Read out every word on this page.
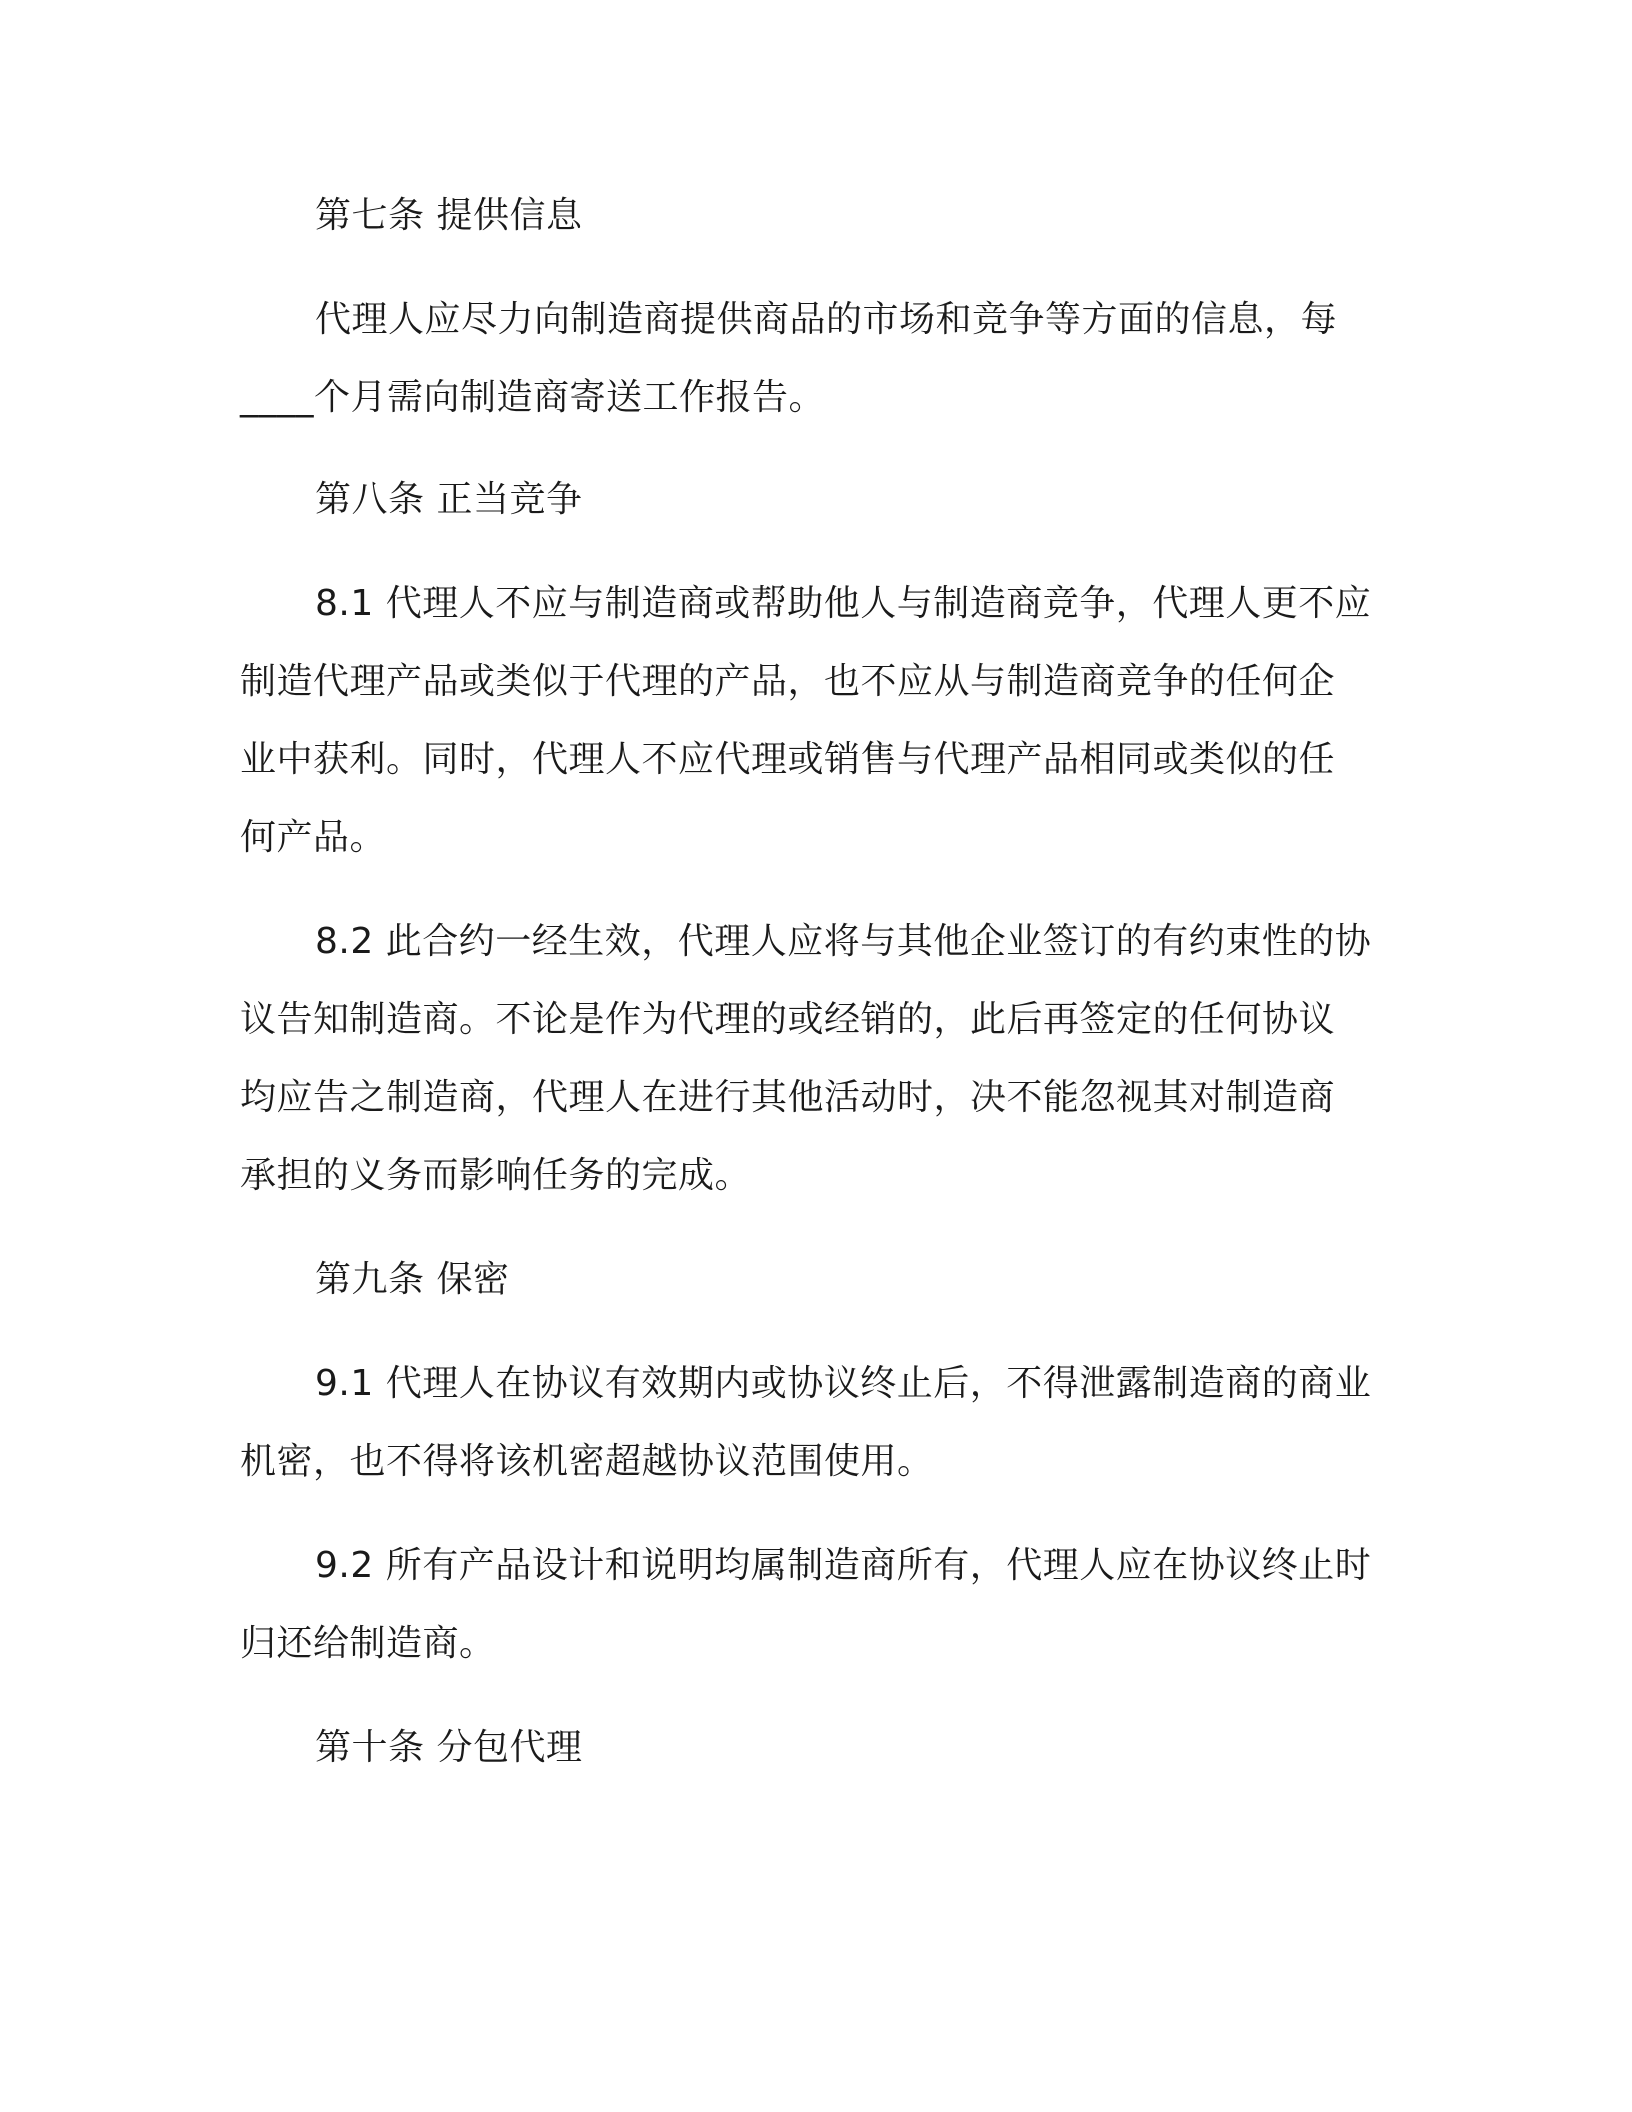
第七条 提供信息
代理人应尽力向制造商提供商品的市场和竞争等方面的信息，每
____个月需向制造商寄送工作报告。
第八条 正当竞争
8.1 代理人不应与制造商或帮助他人与制造商竞争，代理人更不应
制造代理产品或类似于代理的产品，也不应从与制造商竞争的任何企
业中获利。同时，代理人不应代理或销售与代理产品相同或类似的任
何产品。
8.2 此合约一经生效，代理人应将与其他企业签订的有约束性的协
议告知制造商。不论是作为代理的或经销的，此后再签定的任何协议
均应告之制造商，代理人在进行其他活动时，决不能忽视其对制造商
承担的义务而影响任务的完成。
第九条 保密
9.1 代理人在协议有效期内或协议终止后，不得泄露制造商的商业
机密，也不得将该机密超越协议范围使用。
9.2 所有产品设计和说明均属制造商所有，代理人应在协议终止时
归还给制造商。
第十条 分包代理
